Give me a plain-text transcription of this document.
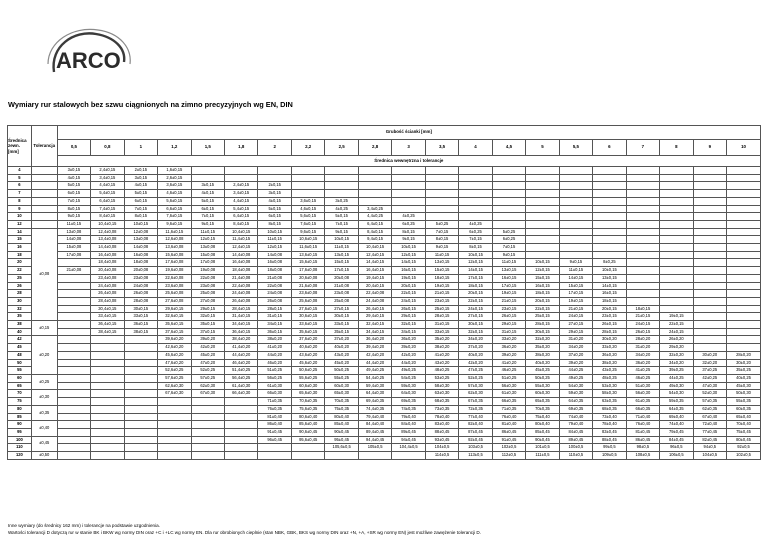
ARCO
Wymiary rur stalowych bez szwu ciągnionych na zimno precyzyjnych wg EN, DIN
Średnica zewn. [mm]	Tolerancja	Grubość ścianki [mm]																				
		0,5	0,8	1	1,2	1,5	1,8	2	2,2	2,5	2,8	3	3,5	4	4,5	5	5,5	6	7	8	9	10
		Średnica wewnętrzna i tolerancje																				
4		3±0,15	2,4±0,15	2±0,15	1,6±0,15																	
5		4±0,15	3,4±0,15	3±0,15	2,6±0,15																	
6		5±0,15	4,4±0,15	4±0,15	3,6±0,15	3±0,15	2,4±0,15	2±0,15														
7		6±0,15	5,4±0,15	5±0,15	4,6±0,15	4±0,15	3,4±0,15	3±0,15														
8		7±0,15	6,4±0,15	6±0,15	5,6±0,15	5±0,15	4,4±0,15	4±0,15	3,6±0,15	3±0,25												
9		8±0,15	7,4±0,15	7±0,15	6,6±0,15	6±0,15	5,4±0,15	5±0,15	4,6±0,15	4±0,25	3,4±0,25											
10		9±0,15	8,4±0,15	8±0,15	7,6±0,15	7±0,15	6,4±0,15	6±0,15	5,6±0,15	5±0,15	4,4±0,25	4±0,25										
12		11±0,15	10,4±0,15	10±0,15	9,6±0,15	9±0,15	8,4±0,15	8±0,15	7,6±0,15	7±0,15	6,4±0,15	6±0,25	5±0,25	4±0,25								
14	±0,08	13±0,08	12,4±0,08	12±0,08	11,6±0,15	11±0,15	10,4±0,15	10±0,15	9,6±0,15	9±0,15	8,4±0,15	8±0,15	7±0,15	6±0,25	5±0,25							
15		14±0,08	13,4±0,08	13±0,08	12,6±0,08	12±0,15	11,4±0,15	11±0,15	10,6±0,15	10±0,15	9,4±0,15	9±0,15	8±0,15	7±0,15	6±0,25							
16		15±0,08	14,4±0,08	14±0,08	13,6±0,08	13±0,08	12,4±0,15	12±0,15	11,6±0,15	11±0,15	10,4±0,15	10±0,15	9±0,15	8±0,15	7±0,15							
18		17±0,08	16,4±0,08	16±0,08	15,6±0,08	15±0,08	14,4±0,08	14±0,08	13,6±0,15	13±0,15	12,4±0,15	12±0,15	11±0,15	10±0,15	9±0,15							
20			18,4±0,08	18±0,08	17,6±0,08	17±0,08	16,4±0,08	16±0,08	15,6±0,15	15±0,15	14,4±0,15	14±0,15	13±0,15	12±0,15	11±0,15	10±0,15	9±0,15	8±0,25				
22		21±0,08	20,4±0,08	20±0,08	19,6±0,08	19±0,08	18,4±0,08	18±0,08	17,6±0,08	17±0,15	16,4±0,15	16±0,15	15±0,15	14±0,15	13±0,15	12±0,15	11±0,15	10±0,15				
25			23,4±0,08	23±0,08	22,6±0,08	22±0,08	21,4±0,08	21±0,08	20,6±0,08	20±0,08	19,4±0,15	19±0,15	18±0,15	17±0,15	16±0,15	15±0,15	14±0,15	13±0,15				
26			24,4±0,08	24±0,08	23,6±0,08	23±0,08	22,4±0,08	22±0,08	21,6±0,08	21±0,08	20,4±0,15	20±0,15	19±0,15	18±0,15	17±0,15	16±0,15	15±0,15	14±0,15				
28			26,4±0,08	26±0,08	25,6±0,08	25±0,08	24,4±0,08	24±0,08	23,6±0,08	23±0,08	22,4±0,08	22±0,15	21±0,15	20±0,15	19±0,15	18±0,15	17±0,15	16±0,15				
30			28,4±0,08	28±0,08	27,6±0,08	27±0,08	26,4±0,08	26±0,08	25,6±0,08	25±0,08	24,4±0,08	24±0,15	23±0,15	22±0,15	21±0,15	20±0,15	19±0,15	18±0,15				
32			30,4±0,15	30±0,15	29,6±0,15	29±0,15	28,4±0,15	28±0,15	27,6±0,15	27±0,15	26,4±0,15	26±0,15	25±0,15	24±0,15	23±0,15	22±0,15	21±0,15	20±0,15	18±0,15			
35			33,4±0,15	33±0,15	32,6±0,15	32±0,15	31,4±0,15	31±0,15	30,6±0,15	30±0,15	29,4±0,15	29±0,15	28±0,15	27±0,15	26±0,15	25±0,15	24±0,15	23±0,15	21±0,15	19±0,15		
38	±0,15		36,4±0,15	36±0,15	35,6±0,15	35±0,15	34,4±0,15	34±0,15	33,6±0,15	33±0,15	32,4±0,15	32±0,15	31±0,15	30±0,15	29±0,15	28±0,15	27±0,15	26±0,15	24±0,15	22±0,15		
40			38,4±0,15	38±0,15	37,6±0,15	37±0,15	36,4±0,15	36±0,15	35,6±0,15	35±0,15	34,4±0,15	34±0,15	33±0,15	32±0,15	31±0,15	30±0,15	29±0,15	28±0,15	26±0,15	24±0,15		
42	±0,20				39,6±0,20	39±0,20	38,4±0,20	38±0,20	37,6±0,20	37±0,20	36,4±0,20	36±0,20	35±0,20	34±0,20	33±0,20	32±0,20	31±0,20	30±0,20	28±0,20	26±0,20		
45					42,6±0,20	42±0,20	41,4±0,20	41±0,20	40,6±0,20	40±0,20	39,4±0,20	39±0,20	38±0,20	37±0,20	36±0,20	35±0,20	34±0,20	33±0,20	31±0,20	29±0,20		
48					45,6±0,20	45±0,20	44,4±0,20	44±0,20	43,6±0,20	43±0,20	42,4±0,20	42±0,20	41±0,20	40±0,20	39±0,20	38±0,20	37±0,20	36±0,20	34±0,20	32±0,20	30±0,20	28±0,20
50					47,6±0,20	47±0,20	46,4±0,20	46±0,20	45,6±0,20	45±0,20	44,4±0,20	44±0,20	43±0,20	42±0,20	41±0,20	40±0,20	39±0,20	38±0,20	36±0,20	34±0,20	32±0,20	30±0,20
55					52,6±0,25	52±0,25	51,4±0,25	51±0,25	50,6±0,25	50±0,25	49,4±0,25	49±0,25	48±0,25	47±0,25	46±0,25	45±0,25	44±0,25	43±0,25	41±0,25	39±0,25	37±0,25	35±0,25
60	±0,25				57,6±0,25	57±0,25	56,4±0,25	56±0,25	55,6±0,25	55±0,25	54,4±0,25	54±0,25	53±0,25	52±0,25	51±0,25	50±0,25	49±0,25	48±0,25	46±0,25	44±0,25	42±0,25	40±0,25
65					62,6±0,30	62±0,30	61,4±0,30	61±0,30	60,6±0,30	60±0,30	59,4±0,30	59±0,30	58±0,30	57±0,30	56±0,30	55±0,30	54±0,30	53±0,30	51±0,30	49±0,30	47±0,30	45±0,30
70	±0,30				67,6±0,30	67±0,30	66,4±0,30	66±0,30	65,6±0,30	65±0,30	64,4±0,30	64±0,30	63±0,30	62±0,30	61±0,30	60±0,30	59±0,30	58±0,30	56±0,30	54±0,30	52±0,30	50±0,30
75								71±0,35	70,6±0,35	70±0,35	69,4±0,35	69±0,35	68±0,35	67±0,35	66±0,35	65±0,35	64±0,35	63±0,35	61±0,35	59±0,35	57±0,35	55±0,35
80	±0,35							76±0,35	75,6±0,35	75±0,35	74,4±0,35	74±0,35	73±0,35	72±0,35	71±0,35	70±0,35	69±0,35	68±0,35	66±0,35	64±0,35	62±0,35	60±0,35
85								81±0,40	80,6±0,40	80±0,40	79,4±0,40	79±0,40	78±0,40	77±0,40	76±0,40	75±0,40	74±0,40	73±0,40	71±0,40	69±0,40	67±0,40	65±0,40
90	±0,40							86±0,40	85,6±0,40	85±0,40	84,4±0,40	84±0,40	83±0,40	82±0,40	81±0,40	80±0,40	79±0,40	78±0,40	76±0,40	74±0,40	72±0,40	70±0,40
95								91±0,45	90,6±0,45	90±0,45	89,4±0,45	89±0,45	88±0,45	87±0,45	86±0,45	85±0,45	84±0,45	83±0,45	81±0,45	79±0,45	77±0,45	75±0,45
100	±0,45							96±0,45	95,6±0,45	95±0,45	94,4±0,45	94±0,45	93±0,45	92±0,45	91±0,45	90±0,45	89±0,45	88±0,45	86±0,45	84±0,45	82±0,45	80±0,45
110										105,6±0,5	105±0,5	104,4±0,5	104±0,5	103±0,5	102±0,5	101±0,5	100±0,5	99±0,5	98±0,5	96±0,5	94±0,5	92±0,5
120	±0,50												114±0,5	113±0,5	112±0,5	111±0,5	110±0,5	109±0,5	108±0,5	106±0,5	104±0,5	102±0,5
Inne wymiary (do średnicy 162 mm) i tolerancje na podstawie uzgodnienia.
Wartości tolerancji D dotyczą rur w stanie BK i BKW wg normy DIN oraz +C i +LC wg normy EN. Dla rur obrobionych cieplnie (stan NBK, GBK, BKS wg normy DIN oraz +N, +A, +SR wg normy EN) jest możliwe zawężenie tolerancji D.
